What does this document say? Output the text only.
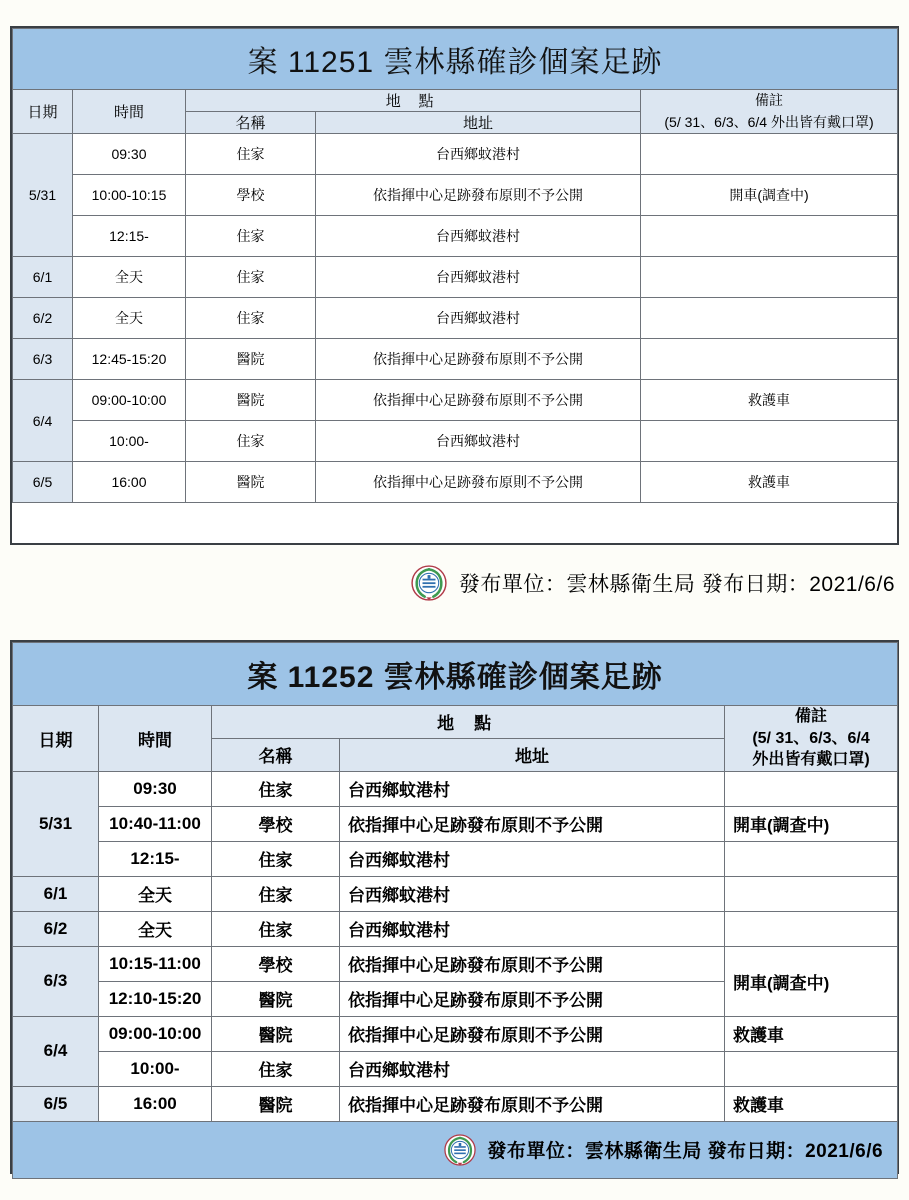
案 11251 雲林縣確診個案足跡				
日期	時間	地 點		備註
(5/ 31、6/3、6/4 外出皆有戴口罩)

		名稱	地址	
5/31	09:30	住家	台西鄉蚊港村	
	10:00-10:15	學校	依指揮中心足跡發布原則不予公開	開車(調查中)
	12:15-	住家	台西鄉蚊港村	
6/1	全天	住家	台西鄉蚊港村	
6/2	全天	住家	台西鄉蚊港村	
6/3	12:45-15:20	醫院	依指揮中心足跡發布原則不予公開	
6/4	09:00-10:00	醫院	依指揮中心足跡發布原則不予公開	救護車
	10:00-	住家	台西鄉蚊港村	
6/5	16:00	醫院	依指揮中心足跡發布原則不予公開	救護車
發布單位：雲林縣衛生局 發布日期：2021/6/6
案 11252 雲林縣確診個案足跡				
日期	時間	地 點		備註
(5/ 31、6/3、6/4
外出皆有戴口罩)

		名稱	地址	
5/31	09:30	住家	台西鄉蚊港村	
	10:40-11:00	學校	依指揮中心足跡發布原則不予公開	開車(調查中)
	12:15-	住家	台西鄉蚊港村	
6/1	全天	住家	台西鄉蚊港村	
6/2	全天	住家	台西鄉蚊港村	
6/3	10:15-11:00	學校	依指揮中心足跡發布原則不予公開	開車(調查中)
	12:10-15:20	醫院	依指揮中心足跡發布原則不予公開	
6/4	09:00-10:00	醫院	依指揮中心足跡發布原則不予公開	救護車
	10:00-	住家	台西鄉蚊港村	
6/5	16:00	醫院	依指揮中心足跡發布原則不予公開	救護車

發布單位：雲林縣衛生局 發布日期：2021/6/6				
